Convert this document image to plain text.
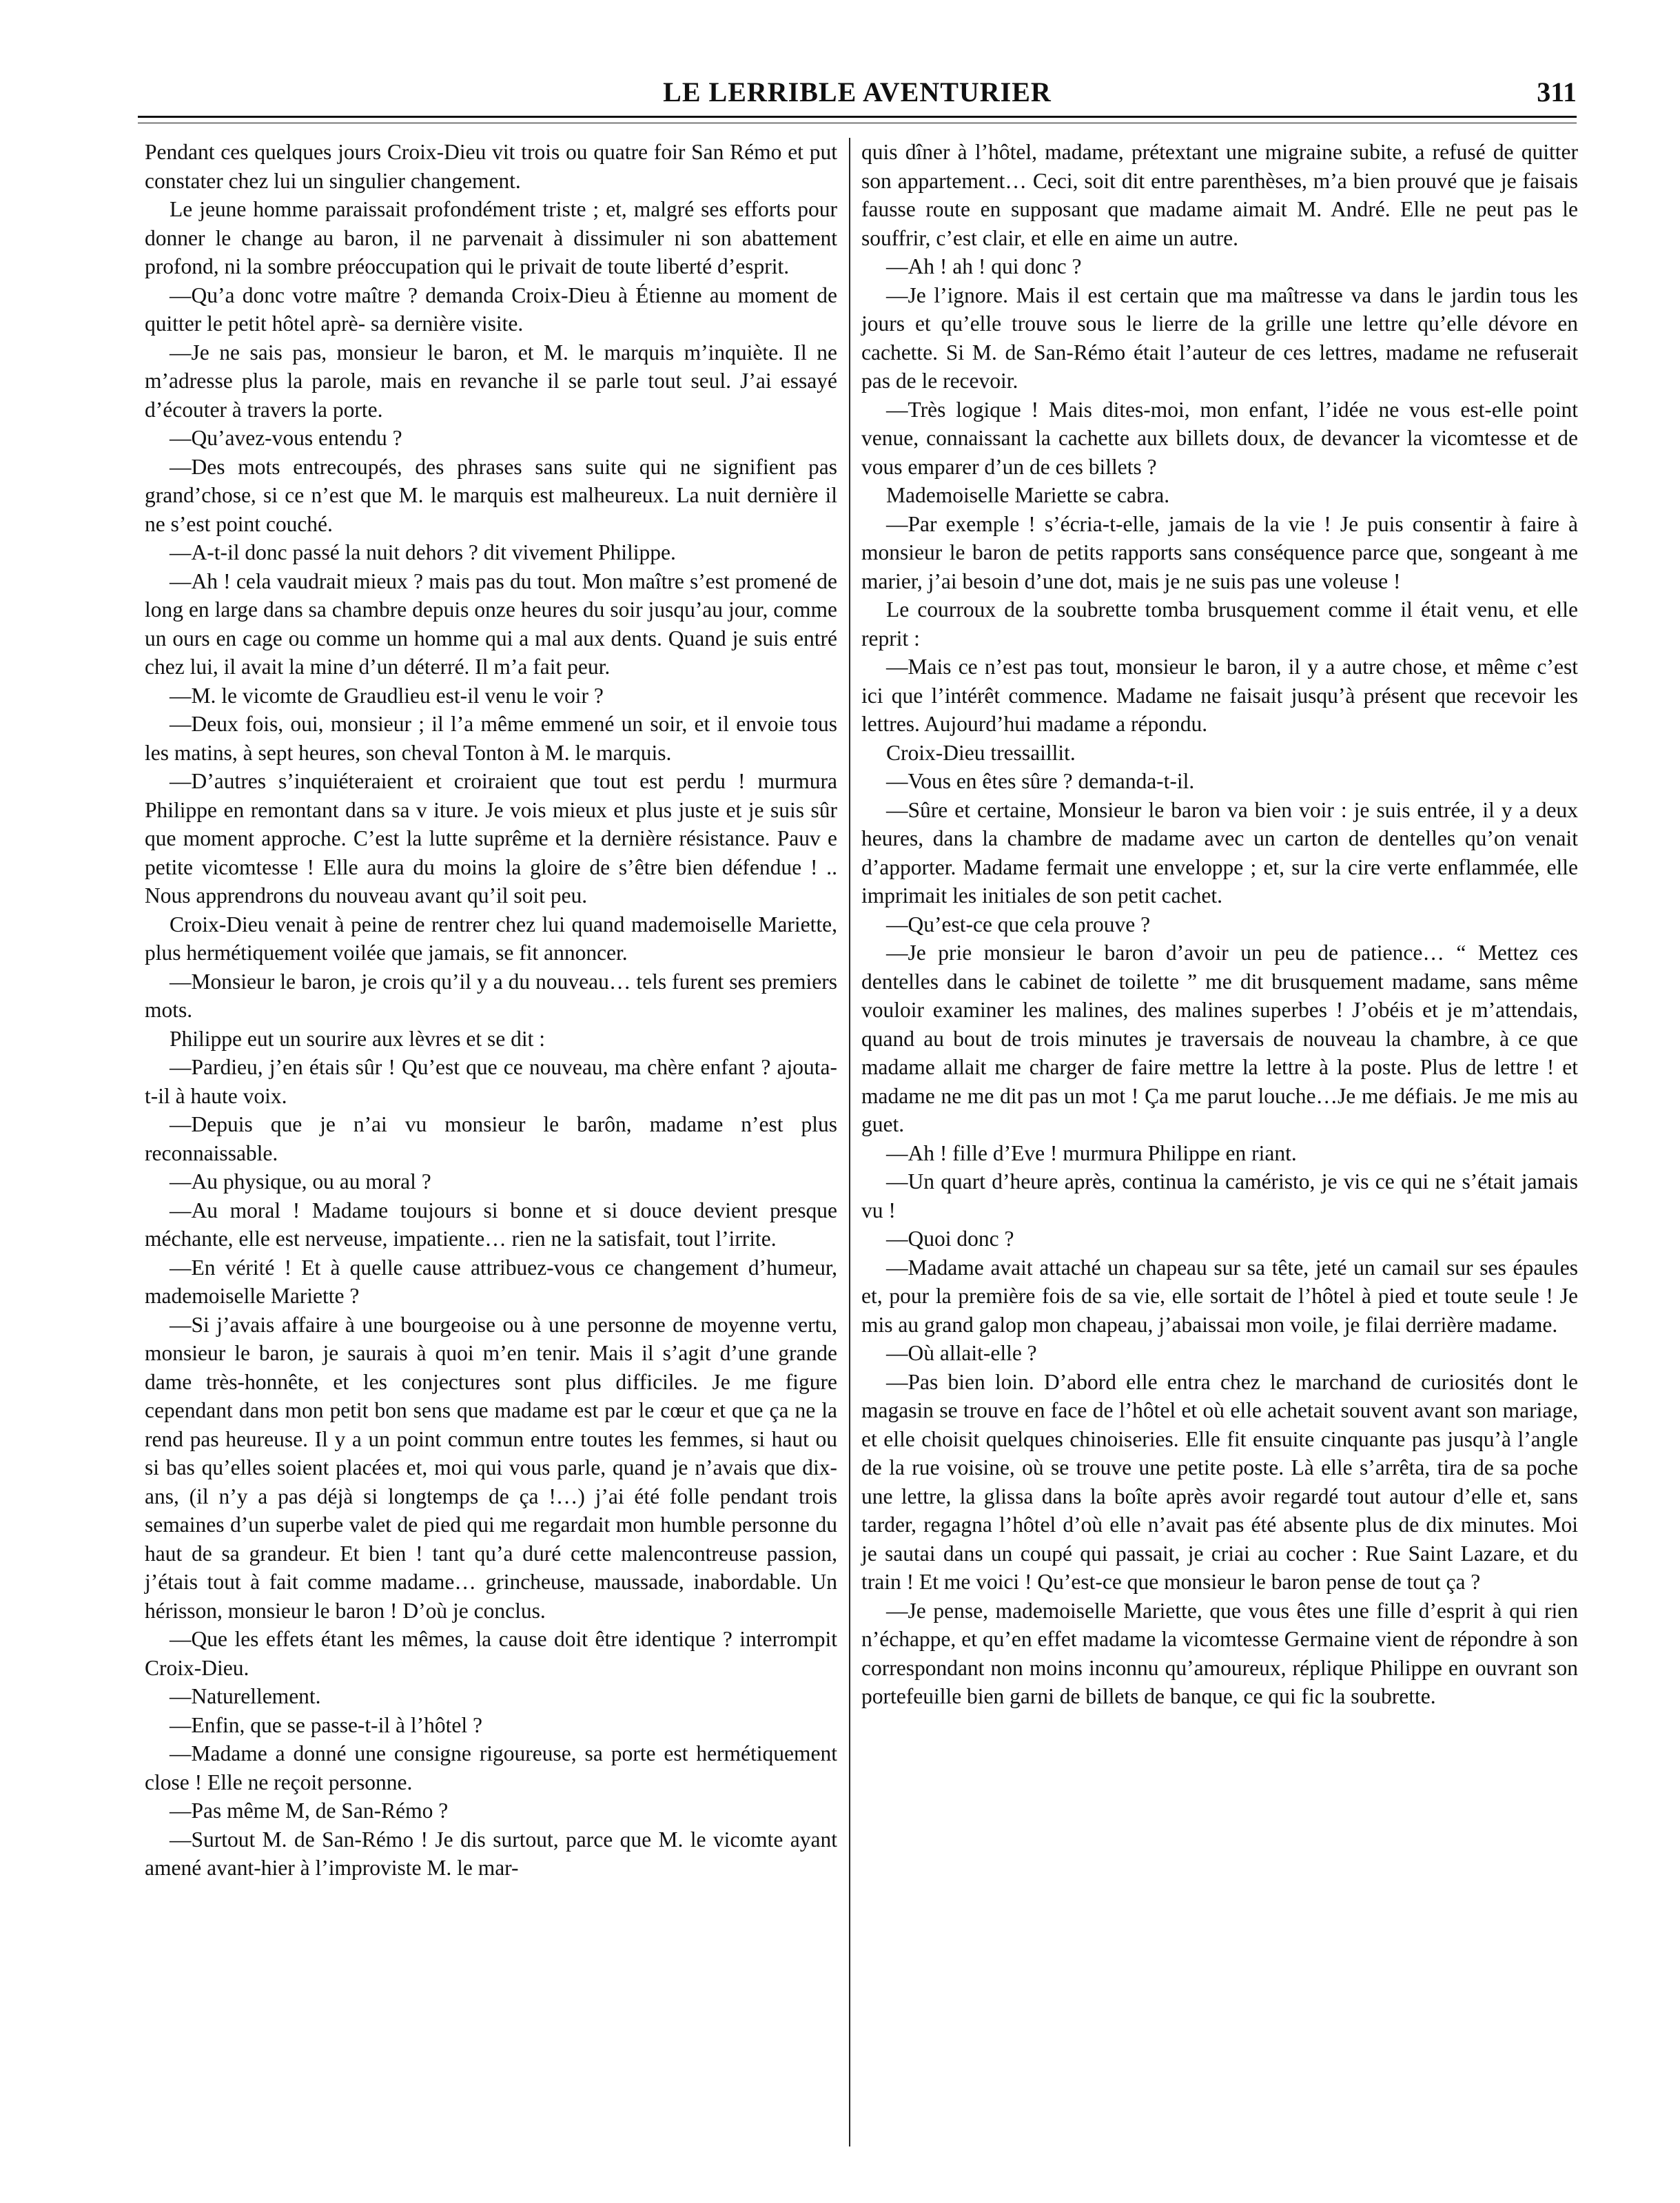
LE LERRIBLE AVENTURIER	311

Pendant ces quelques jours Croix-Dieu vit trois ou quatre foir San Rémo et put constater chez lui un singulier changement.

Le jeune homme paraissait profondément triste ; et, malgré ses efforts pour donner le change au baron, il ne parvenait à dissimuler ni son abattement profond, ni la sombre préoccupation qui le privait de toute liberté d’esprit.

—Qu’a donc votre maître ? demanda Croix-Dieu à Étienne au moment de quitter le petit hôtel aprè- sa dernière visite.

—Je ne sais pas, monsieur le baron, et M. le marquis m’inquiète. Il ne m’adresse plus la parole, mais en revanche il se parle tout seul. J’ai essayé d’écouter à travers la porte.

—Qu’avez-vous entendu ?

—Des mots entrecoupés, des phrases sans suite qui ne signifient pas grand’chose, si ce n’est que M. le marquis est malheureux. La nuit dernière il ne s’est point couché.

—A-t-il donc passé la nuit dehors ? dit vivement Philippe.

—Ah ! cela vaudrait mieux ? mais pas du tout. Mon maître s’est promené de long en large dans sa chambre depuis onze heures du soir jusqu’au jour, comme un ours en cage ou comme un homme qui a mal aux dents. Quand je suis entré chez lui, il avait la mine d’un déterré. Il m’a fait peur.

—M. le vicomte de Graudlieu est-il venu le voir ?

—Deux fois, oui, monsieur ; il l’a même emmené un soir, et il envoie tous les matins, à sept heures, son cheval Tonton à M. le marquis.

—D’autres s’inquiéteraient et croiraient que tout est perdu ! murmura Philippe en remontant dans sa v iture. Je vois mieux et plus juste et je suis sûr que moment approche. C’est la lutte suprême et la dernière résistance. Pauv e petite vicomtesse ! Elle aura du moins la gloire de s’être bien défendue ! .. Nous apprendrons du nouveau avant qu’il soit peu.

Croix-Dieu venait à peine de rentrer chez lui quand mademoiselle Mariette, plus hermétiquement voilée que jamais, se fit annoncer.

—Monsieur le baron, je crois qu’il y a du nouveau… tels furent ses premiers mots.

Philippe eut un sourire aux lèvres et se dit :

—Pardieu, j’en étais sûr ! Qu’est que ce nouveau, ma chère enfant ? ajouta-t-il à haute voix.

—Depuis que je n’ai vu monsieur le barôn, madame n’est plus reconnaissable.

—Au physique, ou au moral ?

—Au moral ! Madame toujours si bonne et si douce devient presque méchante, elle est nerveuse, impatiente… rien ne la satisfait, tout l’irrite.

—En vérité ! Et à quelle cause attribuez-vous ce changement d’humeur, mademoiselle Mariette ?

—Si j’avais affaire à une bourgeoise ou à une personne de moyenne vertu, monsieur le baron, je saurais à quoi m’en tenir. Mais il s’agit d’une grande dame très-honnête, et les conjectures sont plus difficiles. Je me figure cependant dans mon petit bon sens que madame est par le cœur et que ça ne la rend pas heureuse. Il y a un point commun entre toutes les femmes, si haut ou si bas qu’elles soient placées et, moi qui vous parle, quand je n’avais que dix-ans, (il n’y a pas déjà si longtemps de ça !…) j’ai été folle pendant trois semaines d’un superbe valet de pied qui me regardait mon humble personne du haut de sa grandeur. Et bien ! tant qu’a duré cette malencontreuse passion, j’étais tout à fait comme madame… grincheuse, maussade, inabordable. Un hérisson, monsieur le baron ! D’où je conclus.

—Que les effets étant les mêmes, la cause doit être identique ? interrompit Croix-Dieu.

—Naturellement.

—Enfin, que se passe-t-il à l’hôtel ?

—Madame a donné une consigne rigoureuse, sa porte est hermétiquement close ! Elle ne reçoit personne.

—Pas même M, de San-Rémo ?

—Surtout M. de San-Rémo ! Je dis surtout, parce que M. le vicomte ayant amené avant-hier à l’improviste M. le mar-

quis dîner à l’hôtel, madame, prétextant une migraine subite, a refusé de quitter son appartement… Ceci, soit dit entre parenthèses, m’a bien prouvé que je faisais fausse route en supposant que madame aimait M. André. Elle ne peut pas le souffrir, c’est clair, et elle en aime un autre.

—Ah ! ah ! qui donc ?

—Je l’ignore. Mais il est certain que ma maîtresse va dans le jardin tous les jours et qu’elle trouve sous le lierre de la grille une lettre qu’elle dévore en cachette. Si M. de San-Rémo était l’auteur de ces lettres, madame ne refuserait pas de le recevoir.

—Très logique ! Mais dites-moi, mon enfant, l’idée ne vous est-elle point venue, connaissant la cachette aux billets doux, de devancer la vicomtesse et de vous emparer d’un de ces billets ?

Mademoiselle Mariette se cabra.

—Par exemple ! s’écria-t-elle, jamais de la vie ! Je puis consentir à faire à monsieur le baron de petits rapports sans conséquence parce que, songeant à me marier, j’ai besoin d’une dot, mais je ne suis pas une voleuse !

Le courroux de la soubrette tomba brusquement comme il était venu, et elle reprit :

—Mais ce n’est pas tout, monsieur le baron, il y a autre chose, et même c’est ici que l’intérêt commence. Madame ne faisait jusqu’à présent que recevoir les lettres. Aujourd’hui madame a répondu.

Croix-Dieu tressaillit.

—Vous en êtes sûre ? demanda-t-il.

—Sûre et certaine, Monsieur le baron va bien voir : je suis entrée, il y a deux heures, dans la chambre de madame avec un carton de dentelles qu’on venait d’apporter. Madame fermait une enveloppe ; et, sur la cire verte enflammée, elle imprimait les initiales de son petit cachet.

—Qu’est-ce que cela prouve ?

—Je prie monsieur le baron d’avoir un peu de patience… “ Mettez ces dentelles dans le cabinet de toilette ” me dit brusquement madame, sans même vouloir examiner les malines, des malines superbes ! J’obéis et je m’attendais, quand au bout de trois minutes je traversais de nouveau la chambre, à ce que madame allait me charger de faire mettre la lettre à la poste. Plus de lettre ! et madame ne me dit pas un mot ! Ça me parut louche…Je me défiais. Je me mis au guet.

—Ah ! fille d’Eve ! murmura Philippe en riant.

—Un quart d’heure après, continua la caméristo, je vis ce qui ne s’était jamais vu !

—Quoi donc ?

—Madame avait attaché un chapeau sur sa tête, jeté un camail sur ses épaules et, pour la première fois de sa vie, elle sortait de l’hôtel à pied et toute seule ! Je mis au grand galop mon chapeau, j’abaissai mon voile, je filai derrière madame.

—Où allait-elle ?

—Pas bien loin. D’abord elle entra chez le marchand de curiosités dont le magasin se trouve en face de l’hôtel et où elle achetait souvent avant son mariage, et elle choisit quelques chinoiseries. Elle fit ensuite cinquante pas jusqu’à l’angle de la rue voisine, où se trouve une petite poste. Là elle s’arrêta, tira de sa poche une lettre, la glissa dans la boîte après avoir regardé tout autour d’elle et, sans tarder, regagna l’hôtel d’où elle n’avait pas été absente plus de dix minutes. Moi je sautai dans un coupé qui passait, je criai au cocher : Rue Saint Lazare, et du train ! Et me voici ! Qu’est-ce que monsieur le baron pense de tout ça ?

—Je pense, mademoiselle Mariette, que vous êtes une fille d’esprit à qui rien n’échappe, et qu’en effet madame la vicomtesse Germaine vient de répondre à son correspondant non moins inconnu qu’amoureux, réplique Philippe en ouvrant son portefeuille bien garni de billets de banque, ce qui fic la soubrette.
